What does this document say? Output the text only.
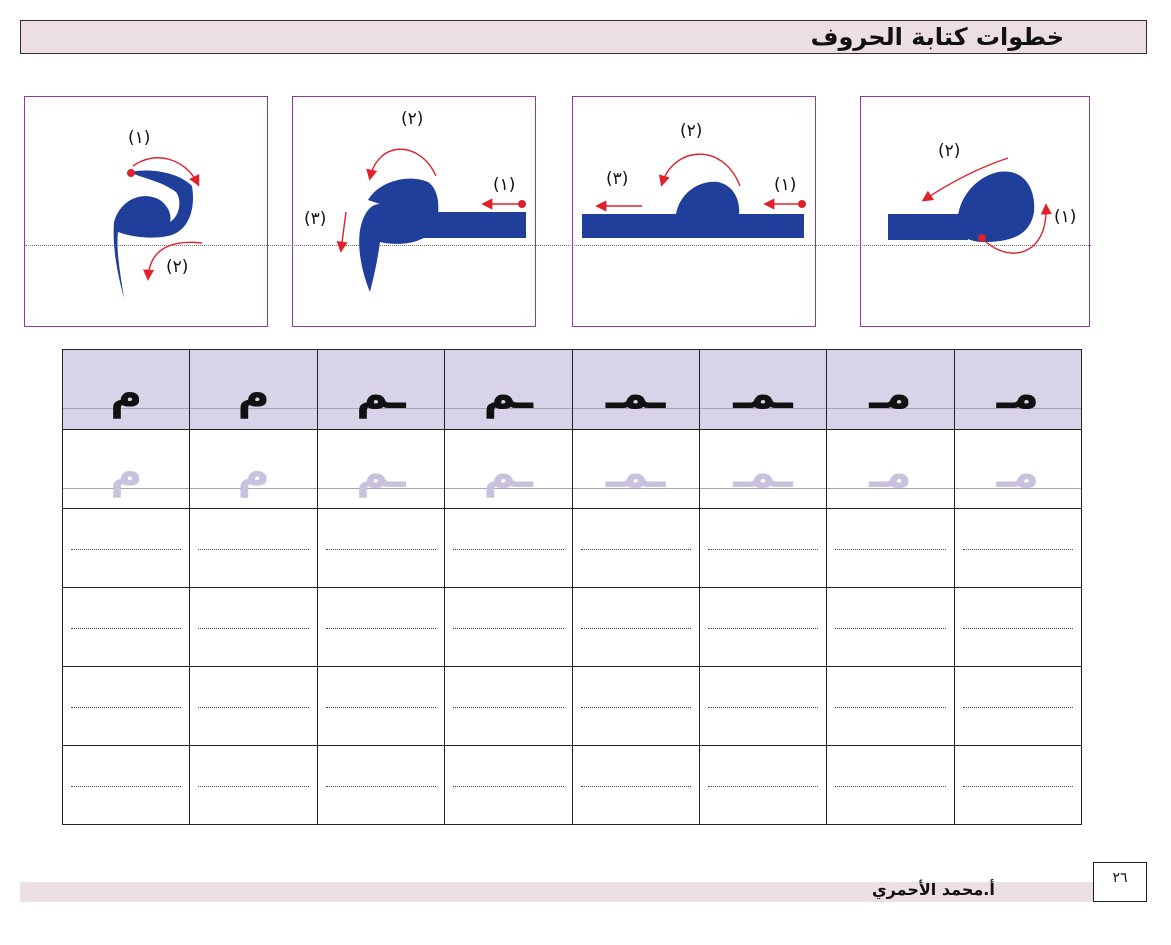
خطوات كتابة الحروف
(١)
(٢)
(١)
(٢)
(٣)
(١)
(٢)
(٣)
(١)
(٢)
م	م	ـم	ـم	ـمـ	ـمـ	مـ	مـ

م	م	ـم	ـم	ـمـ	ـمـ	مـ	مـ

أ.محمد الأحمري
٢٦
